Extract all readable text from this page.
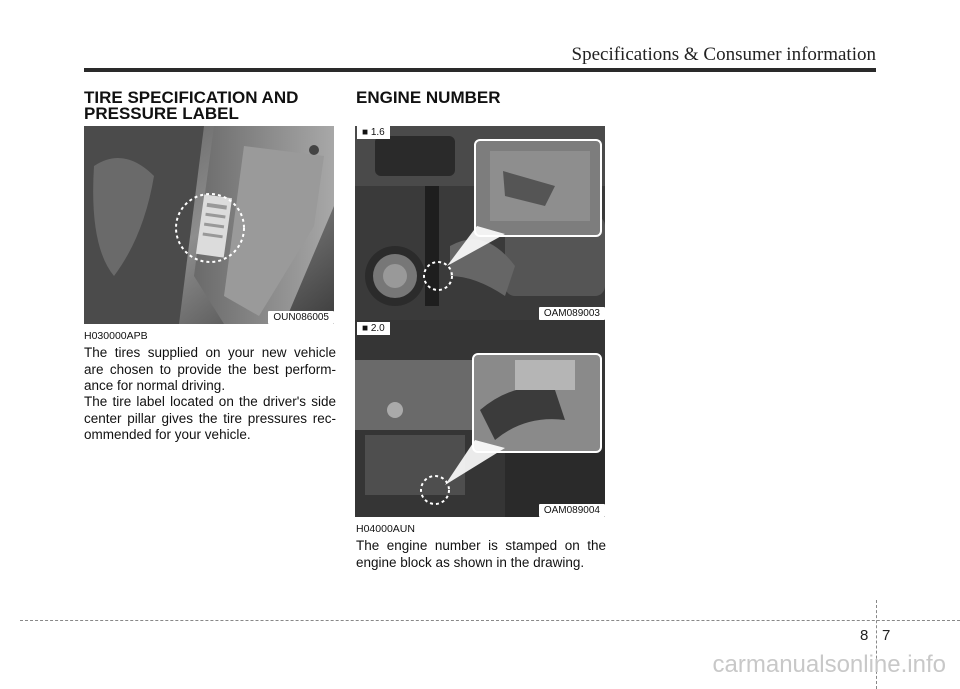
Specifications & Consumer information
TIRE SPECIFICATION AND
PRESSURE LABEL
OUN086005
H030000APB

The tires supplied on your new vehicle are chosen to provide the best perform-ance for normal driving.

The tire label located on the driver's side center pillar gives the tire pressures rec-ommended for your vehicle.

ENGINE NUMBER
■ 1.6
OAM089003
■ 2.0
OAM089004
H04000AUN

The engine number is stamped on the engine block as shown in the drawing.

8 7
carmanualsonline.info
